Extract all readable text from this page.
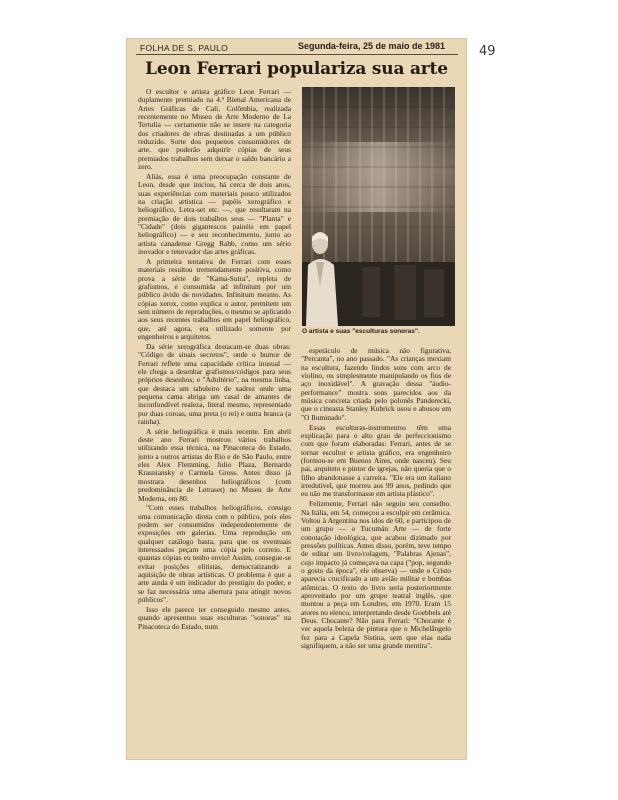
49
FOLHA DE S. PAULO	Segunda-feira, 25 de maio de 1981
Leon Ferrari populariza sua arte

O escultor e artista gráfico Leon Ferrari — duplamente premiado na 4.ª Bienal Americana de Artes Gráficas de Cali, Colômbia, realizada recentemente no Museu de Arte Moderno de La Tertulia — certamente não se insere na categoria dos criadores de obras destinadas a um público reduzido. Sorte dos pequenos consumidores de arte, que poderão adquirir cópias de seus premiados trabalhos sem deixar o saldo bancário a zero.

Aliás, essa é uma preocupação constante de Leon, desde que iniciou, há cerca de dois anos, suas experiências com materiais pouco utilizados na criação artística — papéis xerográfico e heliográfico, Letra-set etc. —, que resultaram na premiação de dois trabalhos seus — "Planta" e "Cidade" (dois gigantescos painéis em papel heliográfico) — e seu reconhecimento, junto ao artista canadense Gregg Rabb, como um sério inovador e renovador das artes gráficas.

A primeira tentativa de Ferrari com esses materiais resultou tremendamente positiva, como prova a série de "Kama-Sutra", repleta de grafismos, e consumida ad infinitum por um público ávido de novidades. Infinitum mesmo. As cópias xerox, como explica o autor, permitem um sem número de reproduções, o mesmo se aplicando aos seus recentes trabalhos em papel heliográfico, que, até agora, era utilizado somente por engenheiros e arquitetos.

Da série xerográfica destacam-se duas obras: "Código de sinais secretos", onde o humor de Ferrari reflete uma capacidade crítica inusual — ele chega a desenhar grafismos/códigos para seus próprios desenhos; e "Adultério", na mesma linha, que destaca um tabuleiro de xadrez onde uma pequena cama abriga um casal de amantes de inconfundível realeza, literal mesmo, representado por duas coroas, uma preta (o rei) e outra branca (a rainha).

A série heliográfica é mais recente. Em abril deste ano Ferrari mostrou vários trabalhos utilizando essa técnica, na Pinacoteca do Estado, junto a outros artistas do Rio e de São Paulo, entre eles Alex Flemming, Julio Plaza, Bernardo Krasniansky e Carmela Gross. Antes disso já mostrara desenhos heliográficos (com predominância de Letraset) no Museu de Arte Moderna, em 80.

"Com esses trabalhos heliográficos, consigo uma comunicação direta com o público, pois eles podem ser consumidos independentemente de exposições em galerias. Uma reprodução em qualquer catálogo basta, para que os eventuais interessados peçam uma cópia pelo correio. E quantas cópias eu tenho envio! Assim, consegue-se evitar posições elitistas, democratizando a aquisição de obras artísticas. O problema é que a arte ainda é um indicador do prestígio do poder, e se faz necessária uma abertura para atingir novos públicos".

Isso ele parece ter conseguido mesmo antes, quando apresentou suas esculturas "sonoras" na Pinacoteca do Estado, num

O artista e suas "esculturas sonoras".

espetáculo de música não figurativa, "Percanta", no ano passado. "As crianças mexiam na escultura, fazendo lindos sons com arco de violino, ou simplesmente manipulando os fios de aço inoxidável". A gravação dessa "áudio-performance" mostra sons parecidos aos da música concreta criada pelo polonês Panderecki, que o cineasta Stanley Kubrick usou e abusou em "O Iluminado".

Essas esculturas-instrumentos têm uma explicação para o alto grau de perfeccionismo com que foram elaboradas: Ferrari, antes de se tornar escultor e artista gráfico, era engenheiro (formou-se em Buenos Aires, onde nasceu). Seu pai, arquiteto e pintor de igrejas, não queria que o filho abandonasse a carreira. "Ele era um italiano irredutível, que morreu aos 99 anos, pedindo que eu não me transformasse em artista plástico".

Felizmente, Ferrari não seguiu seu conselho. Na Itália, em 54, começou a esculpir em cerâmica. Voltou à Argentina nos idos de 60, e participou de um grupo — o Tucumán Arte — de forte conotação ideológica, que acabou dizimado por pressões políticas. Antes disso, porém, teve tempo de editar um livro/colagem, "Palabras Ajenas", cujo impacto já começava na capa ("pop, segundo o gosto da época", ele observa) — onde o Cristo aparecia crucificado a um avião militar e bombas atômicas. O texto do livro seria posteriormente aproveitado por um grupo teatral inglês, que montou a peça em Londres, em 1970. Eram 15 atores no elenco, interpretando desde Goebbels até Deus. Chocante? Não para Ferrari: "Chocante é ver aquela beleza de pintura que o Michelângelo fez para a Capela Sistina, sem que elas nada signifiquem, a não ser uma grande mentira".
